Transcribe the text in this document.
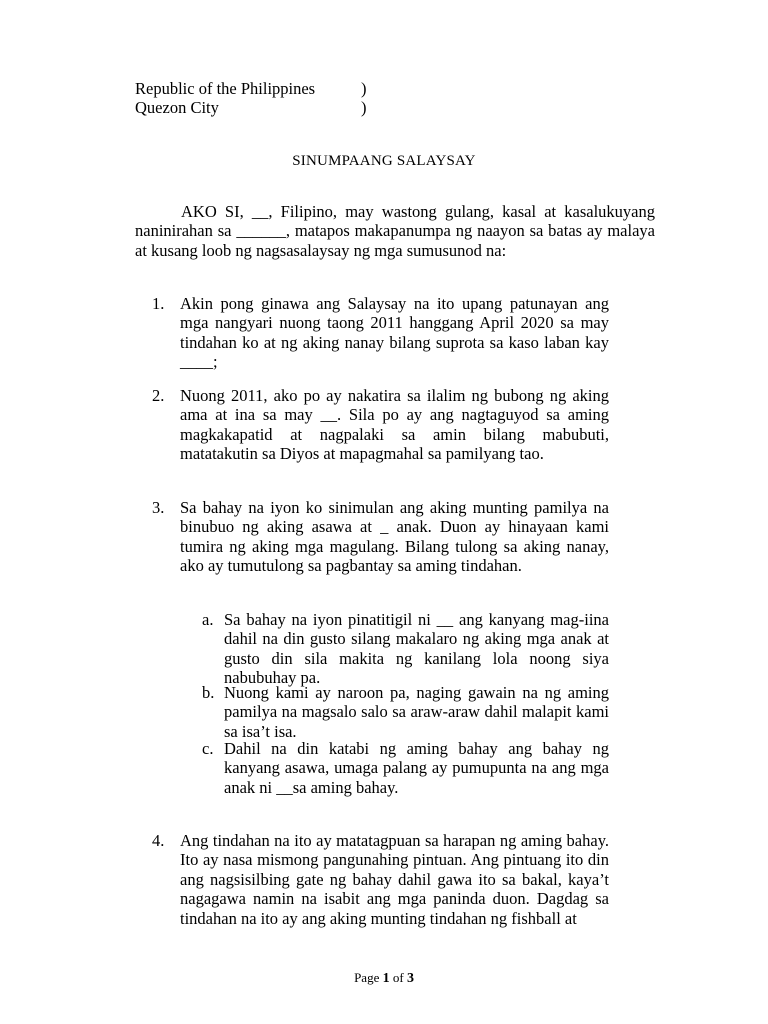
Republic of the Philippines	)
Quezon City	)
SINUMPAANG SALAYSAY

AKO SI, __, Filipino, may wastong gulang, kasal at kasalukuyang naninirahan sa ______, matapos makapanumpa ng naayon sa batas ay malaya at kusang loob ng nagsasalaysay ng mga sumusunod na:

1. Akin pong ginawa ang Salaysay na ito upang patunayan ang mga nangyari nuong taong 2011 hanggang April 2020 sa may tindahan ko at ng aking nanay bilang suprota sa kaso laban kay ____;
2. Nuong 2011, ako po ay nakatira sa ilalim ng bubong ng aking ama at ina sa may __. Sila po ay ang nagtaguyod sa aming magkakapatid at nagpalaki sa amin bilang mabubuti, matatakutin sa Diyos at mapagmahal sa pamilyang tao.
3. Sa bahay na iyon ko sinimulan ang aking munting pamilya na binubuo ng aking asawa at _ anak. Duon ay hinayaan kami tumira ng aking mga magulang. Bilang tulong sa aking nanay, ako ay tumutulong sa pagbantay sa aming tindahan.
a. Sa bahay na iyon pinatitigil ni __ ang kanyang mag-iina dahil na din gusto silang makalaro ng aking mga anak at gusto din sila makita ng kanilang lola noong siya nabubuhay pa.
b. Nuong kami ay naroon pa, naging gawain na ng aming pamilya na magsalo salo sa araw-araw dahil malapit kami sa isa’t isa.
c. Dahil na din katabi ng aming bahay ang bahay ng kanyang asawa, umaga palang ay pumupunta na ang mga anak ni __sa aming bahay.
4. Ang tindahan na ito ay matatagpuan sa harapan ng aming bahay. Ito ay nasa mismong pangunahing pintuan. Ang pintuang ito din ang nagsisilbing gate ng bahay dahil gawa ito sa bakal, kaya’t nagagawa namin na isabit ang mga paninda duon. Dagdag sa tindahan na ito ay ang aking munting tindahan ng fishball at
Page 1 of 3
